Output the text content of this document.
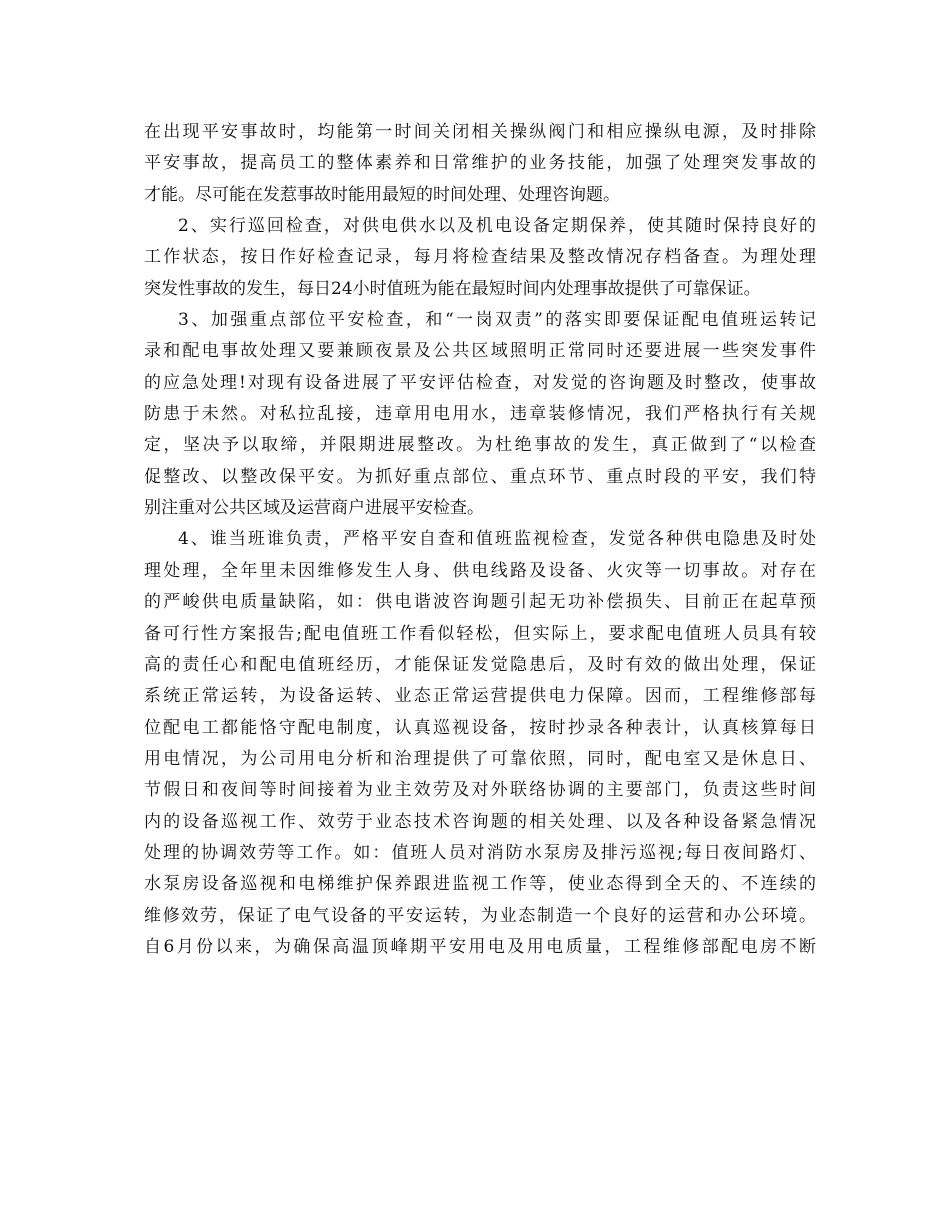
在出现平安事故时，均能第一时间关闭相关操纵阀门和相应操纵电源，及时排除
平安事故，提高员工的整体素养和日常维护的业务技能，加强了处理突发事故的
才能。尽可能在发惹事故时能用最短的时间处理、处理咨询题。
2、实行巡回检查，对供电供水以及机电设备定期保养，使其随时保持良好的
工作状态，按日作好检查记录，每月将检查结果及整改情况存档备查。为理处理
突发性事故的发生，每日24小时值班为能在最短时间内处理事故提供了可靠保证。
3、加强重点部位平安检查，和“一岗双责”的落实即要保证配电值班运转记
录和配电事故处理又要兼顾夜景及公共区域照明正常同时还要进展一些突发事件
的应急处理!对现有设备进展了平安评估检查，对发觉的咨询题及时整改，使事故
防患于未然。对私拉乱接，违章用电用水，违章装修情况，我们严格执行有关规
定，坚决予以取缔，并限期进展整改。为杜绝事故的发生，真正做到了“以检查
促整改、以整改保平安。为抓好重点部位、重点环节、重点时段的平安，我们特
别注重对公共区域及运营商户进展平安检查。
4、谁当班谁负责，严格平安自查和值班监视检查，发觉各种供电隐患及时处
理处理，全年里未因维修发生人身、供电线路及设备、火灾等一切事故。对存在
的严峻供电质量缺陷，如：供电谐波咨询题引起无功补偿损失、目前正在起草预
备可行性方案报告;配电值班工作看似轻松，但实际上，要求配电值班人员具有较
高的责任心和配电值班经历，才能保证发觉隐患后，及时有效的做出处理，保证
系统正常运转，为设备运转、业态正常运营提供电力保障。因而，工程维修部每
位配电工都能恪守配电制度，认真巡视设备，按时抄录各种表计，认真核算每日
用电情况，为公司用电分析和治理提供了可靠依照，同时，配电室又是休息日、
节假日和夜间等时间接着为业主效劳及对外联络协调的主要部门，负责这些时间
内的设备巡视工作、效劳于业态技术咨询题的相关处理、以及各种设备紧急情况
处理的协调效劳等工作。如：值班人员对消防水泵房及排污巡视;每日夜间路灯、
水泵房设备巡视和电梯维护保养跟进监视工作等，使业态得到全天的、不连续的
维修效劳，保证了电气设备的平安运转，为业态制造一个良好的运营和办公环境。
自6月份以来，为确保高温顶峰期平安用电及用电质量，工程维修部配电房不断
